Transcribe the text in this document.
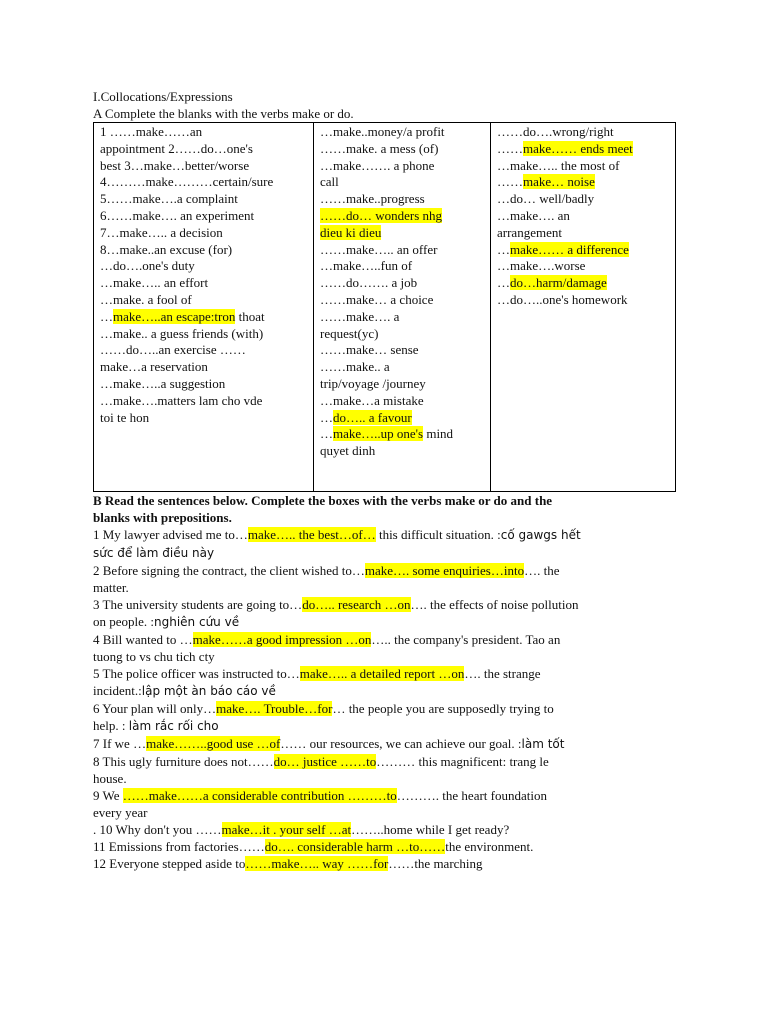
I.Collocations/Expressions
A Complete the blanks with the verbs make or do.
1 ……make……an
appointment 2……do…one's
best 3…make…better/worse
4………make………certain/sure
5……make….a complaint
6……make…. an experiment
7…make….. a decision
8…make..an excuse (for)
…do….one's duty
…make….. an effort
…make. a fool of
…make…..an escape:tron thoat
…make.. a guess friends (with)
……do…..an exercise ……
make…a reservation
…make…..a suggestion
…make….matters lam cho vde
toi te hon

…make..money/a profit
……make. a mess (of)
…make……. a phone
call
……make..progress
……do… wonders nhg
dieu ki dieu
……make….. an offer
…make…..fun of
……do……. a job
……make… a choice
……make…. a
request(yc)
……make… sense
……make.. a
trip/voyage /journey
…make…a mistake
…do….. a favour
…make…..up one's mind
quyet dinh

……do….wrong/right
……make…… ends meet
…make….. the most of
……make… noise
…do… well/badly
…make…. an
arrangement
…make…… a difference
…make….worse
…do…harm/damage
…do…..one's homework
B Read the sentences below. Complete the boxes with the verbs make or do and the
blanks with prepositions.
1 My lawyer advised me to…make….. the best…of… this difficult situation. :cố gawgs hết
sức để làm điều này
2 Before signing the contract, the client wished to…make…. some enquiries…into…. the
matter.
3 The university students are going to…do….. research …on…. the effects of noise pollution
on people. :nghiên cứu về
4 Bill wanted to …make……a good impression …on….. the company's president. Tao an
tuong to vs chu tich cty
5 The police officer was instructed to…make….. a detailed report …on…. the strange
incident.:lập một àn báo cáo về
6 Your plan will only…make…. Trouble…for… the people you are supposedly trying to
help. : làm rắc rối cho
7 If we …make……..good use …of…… our resources, we can achieve our goal. :làm tốt
8 This ugly furniture does not……do… justice ……to……… this magnificent: trang le
house.
9 We ……make……a considerable contribution ………to………. the heart foundation
every year
. 10 Why don't you ……make…it . your self …at……..home while I get ready?
11 Emissions from factories……do…. considerable harm …to……the environment.
12 Everyone stepped aside to……make….. way ……for……the marching
